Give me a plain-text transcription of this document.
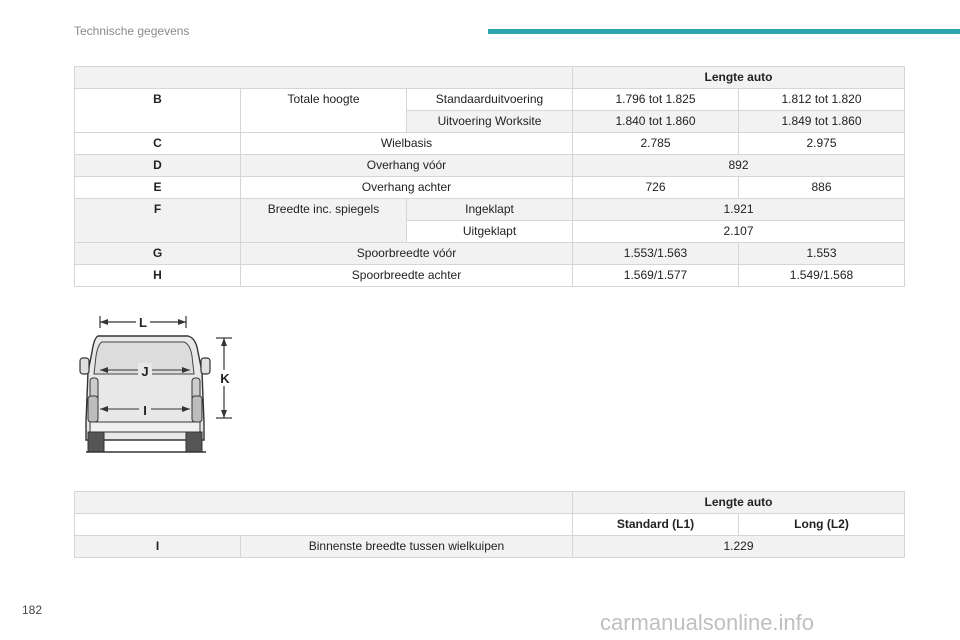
Technische gegevens
			Lengte auto	
B	Totale hoogte	Standaarduitvoering	1.796 tot 1.825	1.812 tot 1.820
		Uitvoering Worksite	1.840 tot 1.860	1.849 tot 1.860
C	Wielbasis		2.785	2.975
D	Overhang vóór		892	
E	Overhang achter		726	886
F	Breedte inc. spiegels	Ingeklapt	1.921	
		Uitgeklapt	2.107	
G	Spoorbreedte vóór		1.553/1.563	1.553
H	Spoorbreedte achter		1.569/1.577	1.549/1.568
L
J
I
K
		Lengte auto	
		Standard (L1)	Long (L2)
I	Binnenste breedte tussen wielkuipen	1.229	
182	carmanualsonline.info
